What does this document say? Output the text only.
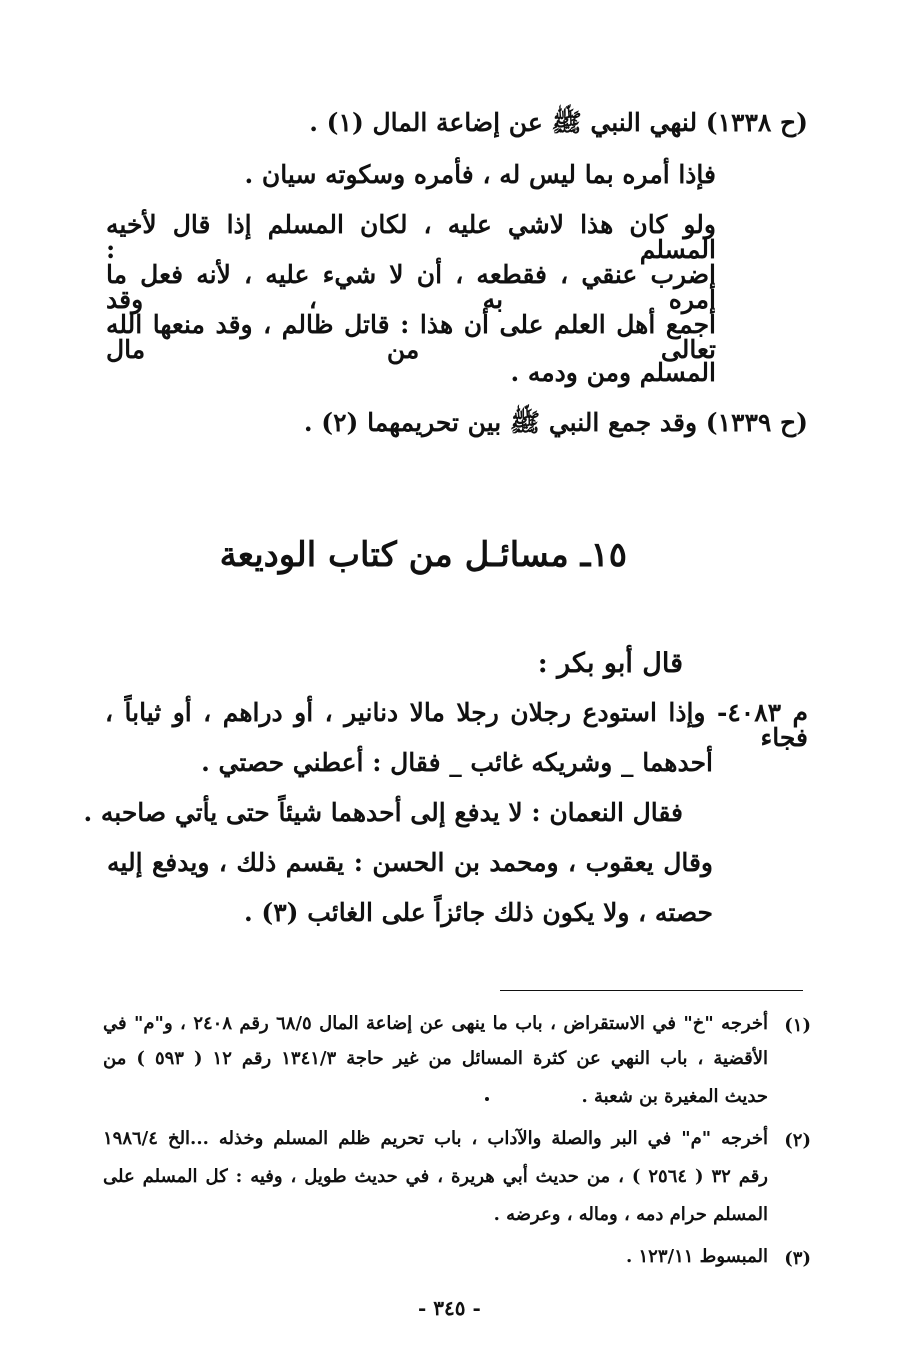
(ح ١٣٣٨) لنهي النبي ﷺ عن إضاعة المال (١) .
فإذا أمره بما ليس له ، فأمره وسكوته سيان .
ولو كان هذا لاشي عليه ، لكان المسلم إذا قال لأخيه المسلم :
اضرب عنقي ، فقطعه ، أن لا شيء عليه ، لأنه فعل ما أمره به ، وقد
أجمع أهل العلم على أن هذا : قاتل ظالم ، وقد منعها الله تعالى من مال
المسلم ومن ودمه .
(ح ١٣٣٩) وقد جمع النبي ﷺ بين تحريمهما (٢) .
١٥ـ مسائـل من كتاب الوديعة
قال أبو بكر :
م ٤٠٨٣- وإذا استودع رجلان رجلا مالا دنانير ، أو دراهم ، أو ثياباً ، فجاء
أحدهما _ وشريكه غائب _ فقال : أعطني حصتي .
فقال النعمان : لا يدفع إلى أحدهما شيئاً حتى يأتي صاحبه .
وقال يعقوب ، ومحمد بن الحسن : يقسم ذلك ، ويدفع إليه
حصته ، ولا يكون ذلك جائزاً على الغائب (٣) .
(١)
أخرجه "خ" في الاستقراض ، باب ما ينهى عن إضاعة المال ٦٨/٥ رقم ٢٤٠٨ ، و"م" في
الأقضية ، باب النهي عن كثرة المسائل من غير حاجة ١٣٤١/٣ رقم ١٢ ( ٥٩٣ ) من
حديث المغيرة بن شعبة .
(٢)
أخرجه "م" في البر والصلة والآداب ، باب تحريم ظلم المسلم وخذله ...الخ ١٩٨٦/٤
رقم ٣٢ ( ٢٥٦٤ ) ، من حديث أبي هريرة ، في حديث طويل ، وفيه : كل المسلم على
المسلم حرام دمه ، وماله ، وعرضه .
(٣)
المبسوط ١٢٣/١١ .
- ٣٤٥ -
